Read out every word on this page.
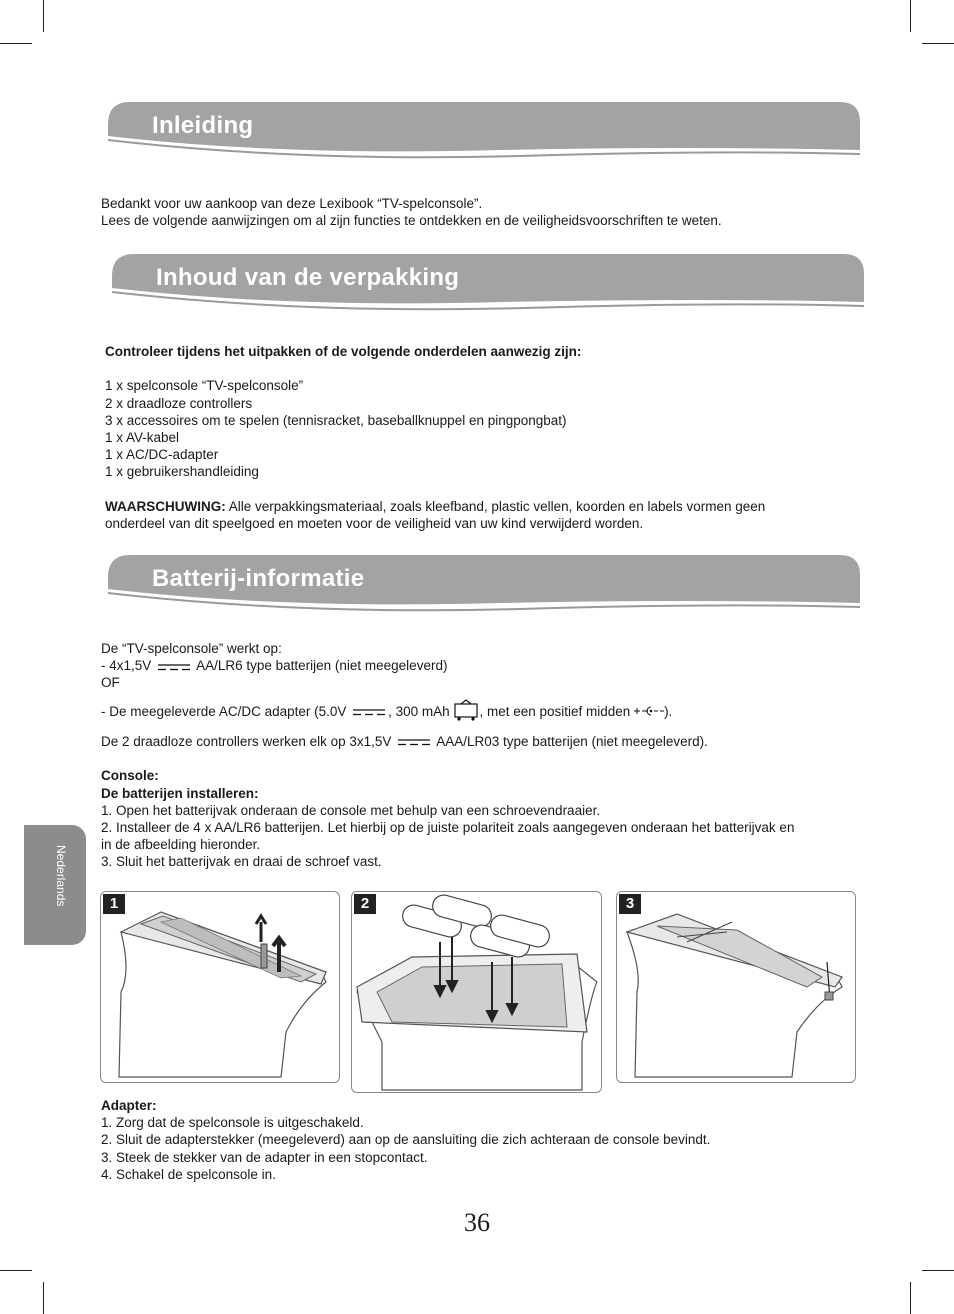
Inleiding
Bedankt voor uw aankoop van deze Lexibook “TV-spelconsole”.
Lees de volgende aanwijzingen om al zijn functies te ontdekken en de veiligheidsvoorschriften te weten.
Inhoud van de verpakking
Controleer tijdens het uitpakken of de volgende onderdelen aanwezig zijn:
1 x spelconsole “TV-spelconsole”
2 x draadloze controllers
3 x accessoires om te spelen (tennisracket, baseballknuppel en pingpongbat)
1 x AV-kabel
1 x AC/DC-adapter
1 x gebruikershandleiding
WAARSCHUWING: Alle verpakkingsmateriaal, zoals kleefband, plastic vellen, koorden en labels vormen geen
onderdeel van dit speelgoed en moeten voor de veiligheid van uw kind verwijderd worden.
Batterij-informatie
De “TV-spelconsole” werkt op:
- 4x1,5V	AA/LR6 type batterijen (niet meegeleverd)
OF
- De meegeleverde AC/DC adapter (5.0V	, 300 mAh , met een positief midden	).
De 2 draadloze controllers werken elk op 3x1,5V	AAA/LR03 type batterijen (niet meegeleverd).
Console:
De batterijen installeren:
1. Open het batterijvak onderaan de console met behulp van een schroevendraaier.
2. Installeer de 4 x AA/LR6 batterijen. Let hierbij op de juiste polariteit zoals aangegeven onderaan het batterijvak en
in de afbeelding hieronder.
3. Sluit het batterijvak en draai de schroef vast.
1	2	3
Adapter:
1. Zorg dat de spelconsole is uitgeschakeld.
2. Sluit de adapterstekker (meegeleverd) aan op de aansluiting die zich achteraan de console bevindt.
3. Steek de stekker van de adapter in een stopcontact.
4. Schakel de spelconsole in.
Nederlands
36
